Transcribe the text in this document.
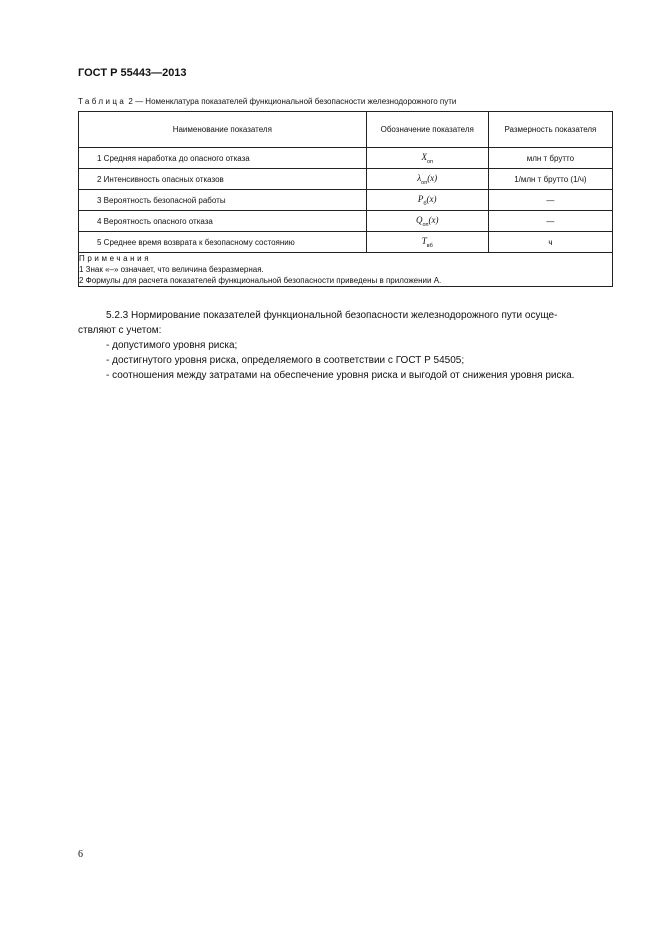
ГОСТ Р 55443—2013
Таблица 2 — Номенклатура показателей функциональной безопасности железнодорожного пути
Наименование показателя	Обозначение показателя	Размерность показателя
1 Средняя наработка до опасного отказа	$X_{оп}$	млн т брутто
2 Интенсивность опасных отказов	$\lambda_{оп}(x)$	1/млн т брутто (1/ч)
3 Вероятность безопасной работы	$P_б(x)$	—
4 Вероятность опасного отказа	$Q_{оп}(x)$	—
5 Среднее время возврата к безопасному состоянию	$T_{вб}$	ч

Примечания
1 Знак «–» означает, что величина безразмерная.
2 Формулы для расчета показателей функциональной безопасности приведены в приложении А.		

5.2.3 Нормирование показателей функциональной безопасности железнодорожного пути осуще-

ствляют с учетом:

- допустимого уровня риска;

- достигнутого уровня риска, определяемого в соответствии с ГОСТ Р 54505;

- соотношения между затратами на обеспечение уровня риска и выгодой от снижения уровня риска.

6
